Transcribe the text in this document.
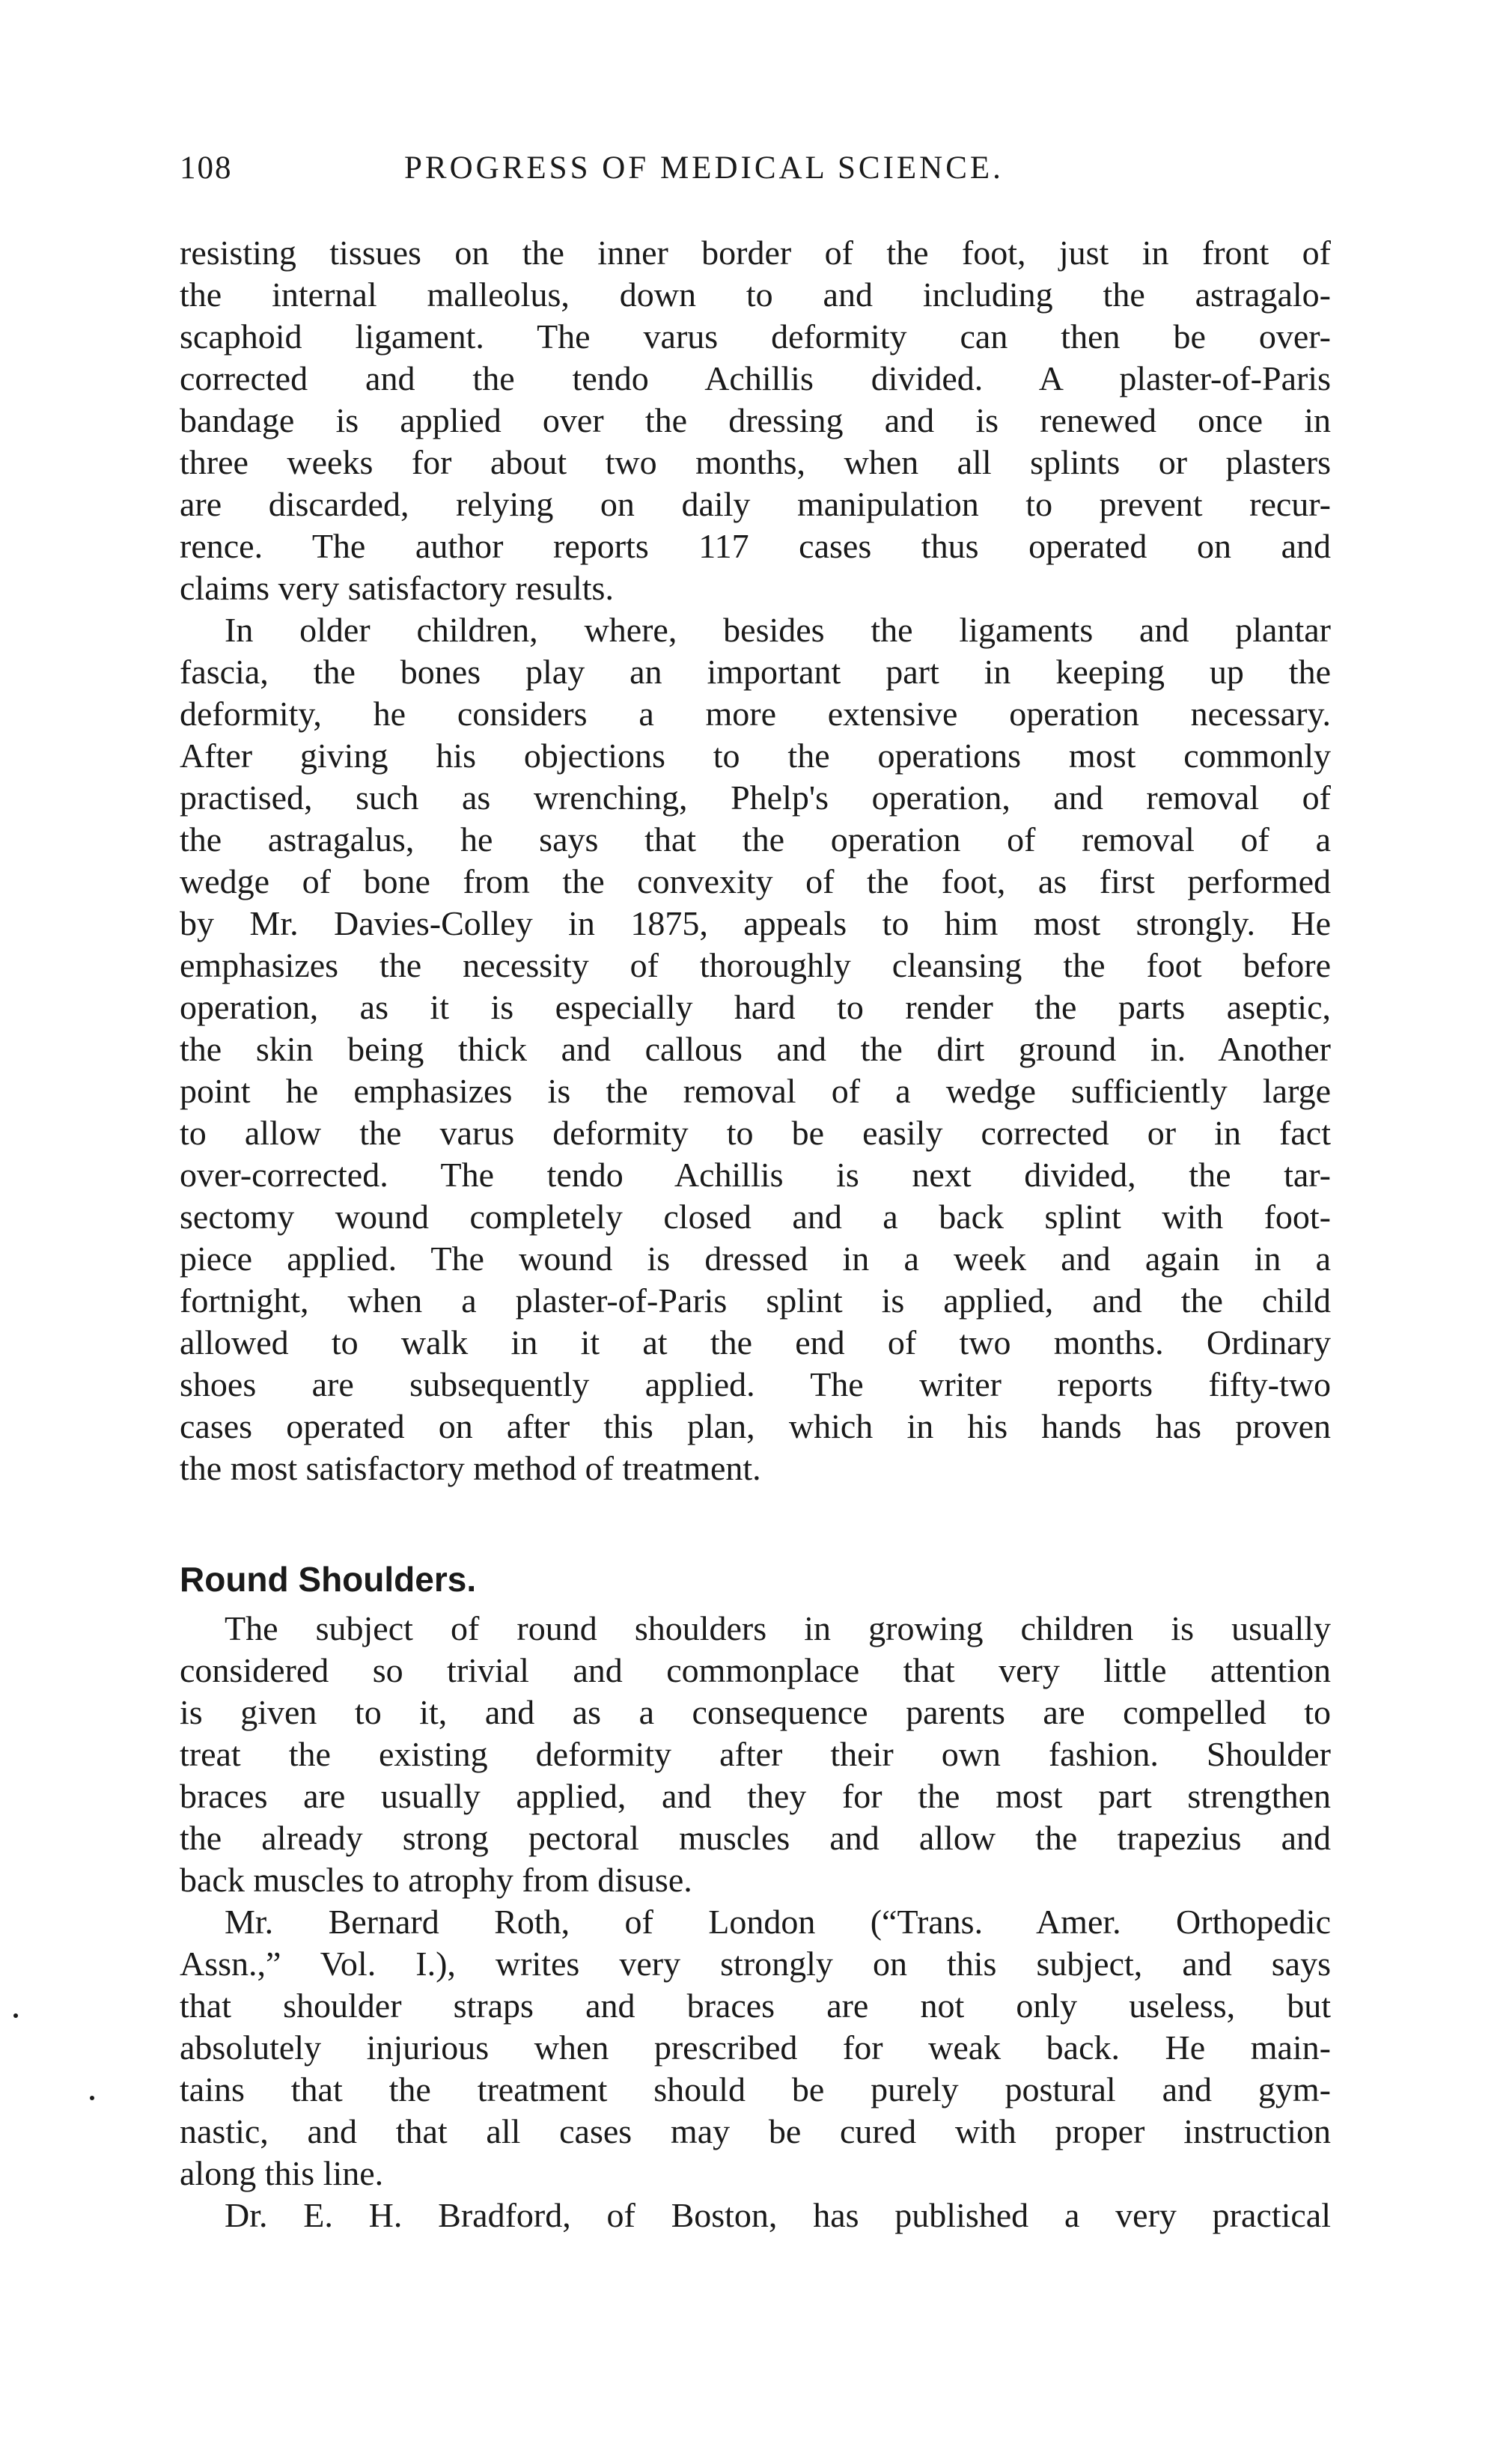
108	PROGRESS OF MEDICAL SCIENCE.
resisting tissues on the inner border of the foot, just in front of
the internal malleolus, down to and including the astragalo-
scaphoid ligament. The varus deformity can then be over-
corrected and the tendo Achillis divided. A plaster-of-Paris
bandage is applied over the dressing and is renewed once in
three weeks for about two months, when all splints or plasters
are discarded, relying on daily manipulation to prevent recur-
rence. The author reports 117 cases thus operated on and
claims very satisfactory results.
In older children, where, besides the ligaments and plantar
fascia, the bones play an important part in keeping up the
deformity, he considers a more extensive operation necessary.
After giving his objections to the operations most commonly
practised, such as wrenching, Phelp's operation, and removal of
the astragalus, he says that the operation of removal of a
wedge of bone from the convexity of the foot, as first performed
by Mr. Davies-Colley in 1875, appeals to him most strongly. He
emphasizes the necessity of thoroughly cleansing the foot before
operation, as it is especially hard to render the parts aseptic,
the skin being thick and callous and the dirt ground in. Another
point he emphasizes is the removal of a wedge sufficiently large
to allow the varus deformity to be easily corrected or in fact
over-corrected. The tendo Achillis is next divided, the tar-
sectomy wound completely closed and a back splint with foot-
piece applied. The wound is dressed in a week and again in a
fortnight, when a plaster-of-Paris splint is applied, and the child
allowed to walk in it at the end of two months. Ordinary
shoes are subsequently applied. The writer reports fifty-two
cases operated on after this plan, which in his hands has proven
the most satisfactory method of treatment.
Round Shoulders.
The subject of round shoulders in growing children is usually
considered so trivial and commonplace that very little attention
is given to it, and as a consequence parents are compelled to
treat the existing deformity after their own fashion. Shoulder
braces are usually applied, and they for the most part strengthen
the already strong pectoral muscles and allow the trapezius and
back muscles to atrophy from disuse.
Mr. Bernard Roth, of London (“Trans. Amer. Orthopedic
Assn.,” Vol. I.), writes very strongly on this subject, and says
that shoulder straps and braces are not only useless, but
absolutely injurious when prescribed for weak back. He main-
tains that the treatment should be purely postural and gym-
nastic, and that all cases may be cured with proper instruction
along this line.
Dr. E. H. Bradford, of Boston, has published a very practical
